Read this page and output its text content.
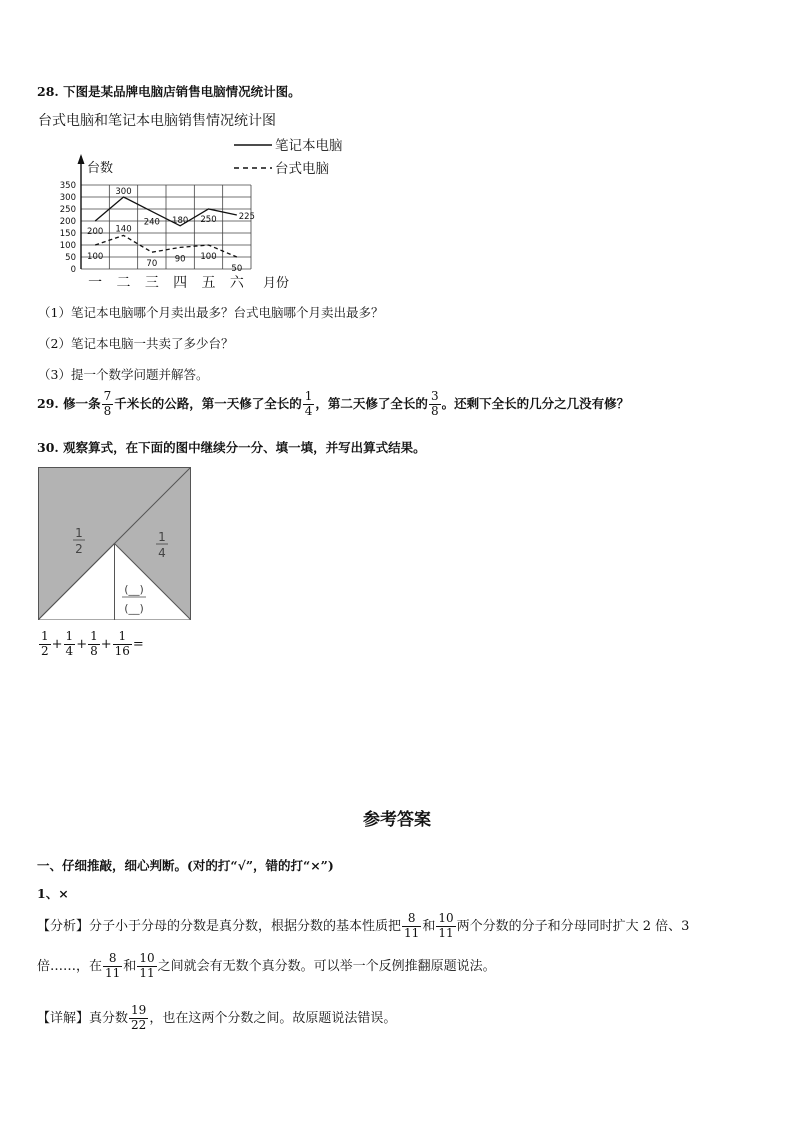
28. 下图是某品牌电脑店销售电脑情况统计图。
台式电脑和笔记本电脑销售情况统计图
0
50
100
150
200
250
300
350
台数
一 二 三 四 五 六 月份
200
300
240 180 250	225
100
140
70 90 100
50
笔记本电脑
台式电脑
（1）笔记本电脑哪个月卖出最多？台式电脑哪个月卖出最多？
（2）笔记本电脑一共卖了多少台？
（3）提一个数学问题并解答。
29. 修一条 $\frac{7}{8}$ 千米长的公路，第一天修了全长的 $\frac{1}{4}$ ，第二天修了全长的 $\frac{3}{8}$ 。还剩下全长的几分之几没有修？
30. 观察算式，在下面的图中继续分一分、填一填，并写出算式结果。
1
2
1
4
(__)
(__)
$\frac{1}{2} + \frac{1}{4} + \frac{1}{8} + \frac{1}{16}$ =
参考答案
一、仔细推敲，细心判断。(对的打“√”，错的打“×”)
1、×
【分析】分子小于分母的分数是真分数，根据分数的基本性质把 $\frac{8}{11}$ 和 $\frac{10}{11}$ 两个分数的分子和分母同时扩大 2 倍、3
倍……，在 $\frac{8}{11}$ 和 $\frac{10}{11}$ 之间就会有无数个真分数。可以举一个反例推翻原题说法。
【详解】真分数 $\frac{19}{22}$ ，也在这两个分数之间。故原题说法错误。
